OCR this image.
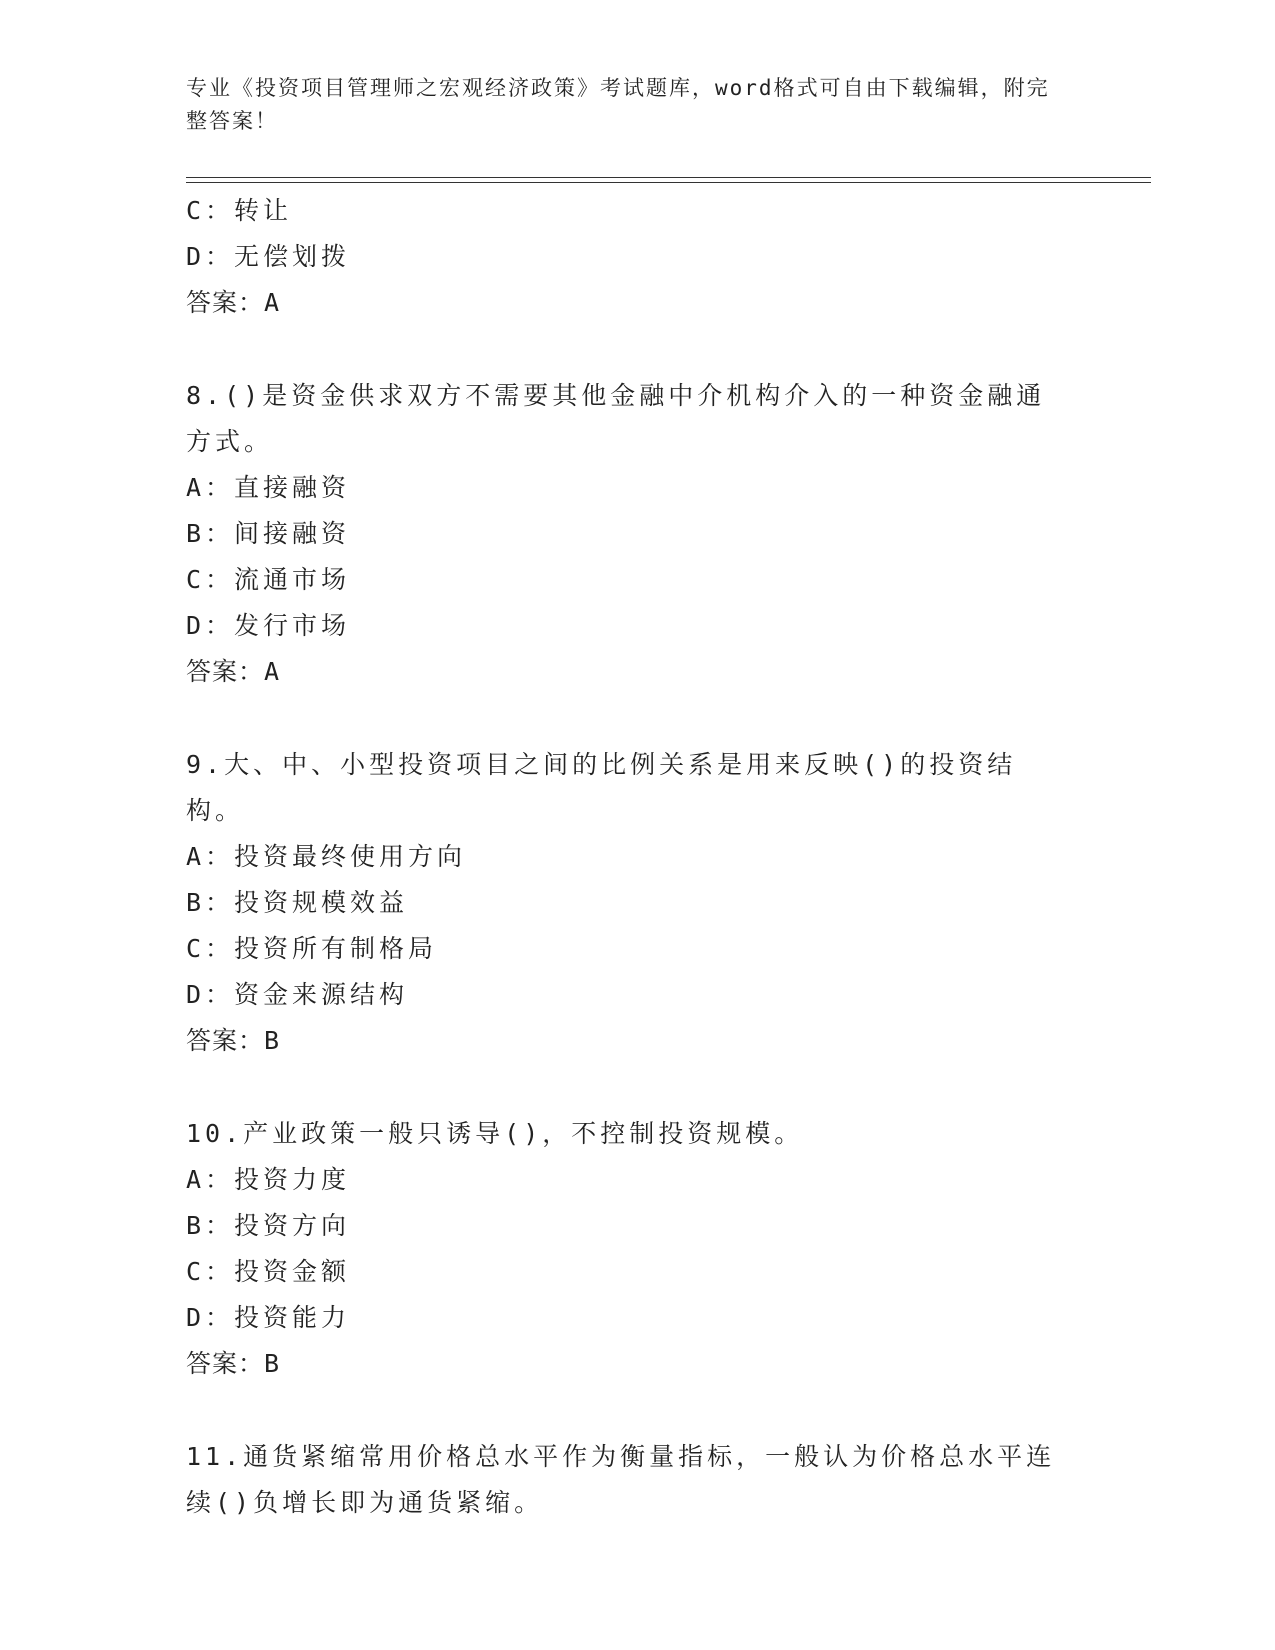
专业《投资项目管理师之宏观经济政策》考试题库，word格式可自由下载编辑，附完整答案！
C：转让
D：无偿划拨
答案：A
8.()是资金供求双方不需要其他金融中介机构介入的一种资金融通方式。
A：直接融资
B：间接融资
C：流通市场
D：发行市场
答案：A
9.大、中、小型投资项目之间的比例关系是用来反映()的投资结构。
A：投资最终使用方向
B：投资规模效益
C：投资所有制格局
D：资金来源结构
答案：B
10.产业政策一般只诱导()，不控制投资规模。
A：投资力度
B：投资方向
C：投资金额
D：投资能力
答案：B
11.通货紧缩常用价格总水平作为衡量指标，一般认为价格总水平连续()负增长即为通货紧缩。
